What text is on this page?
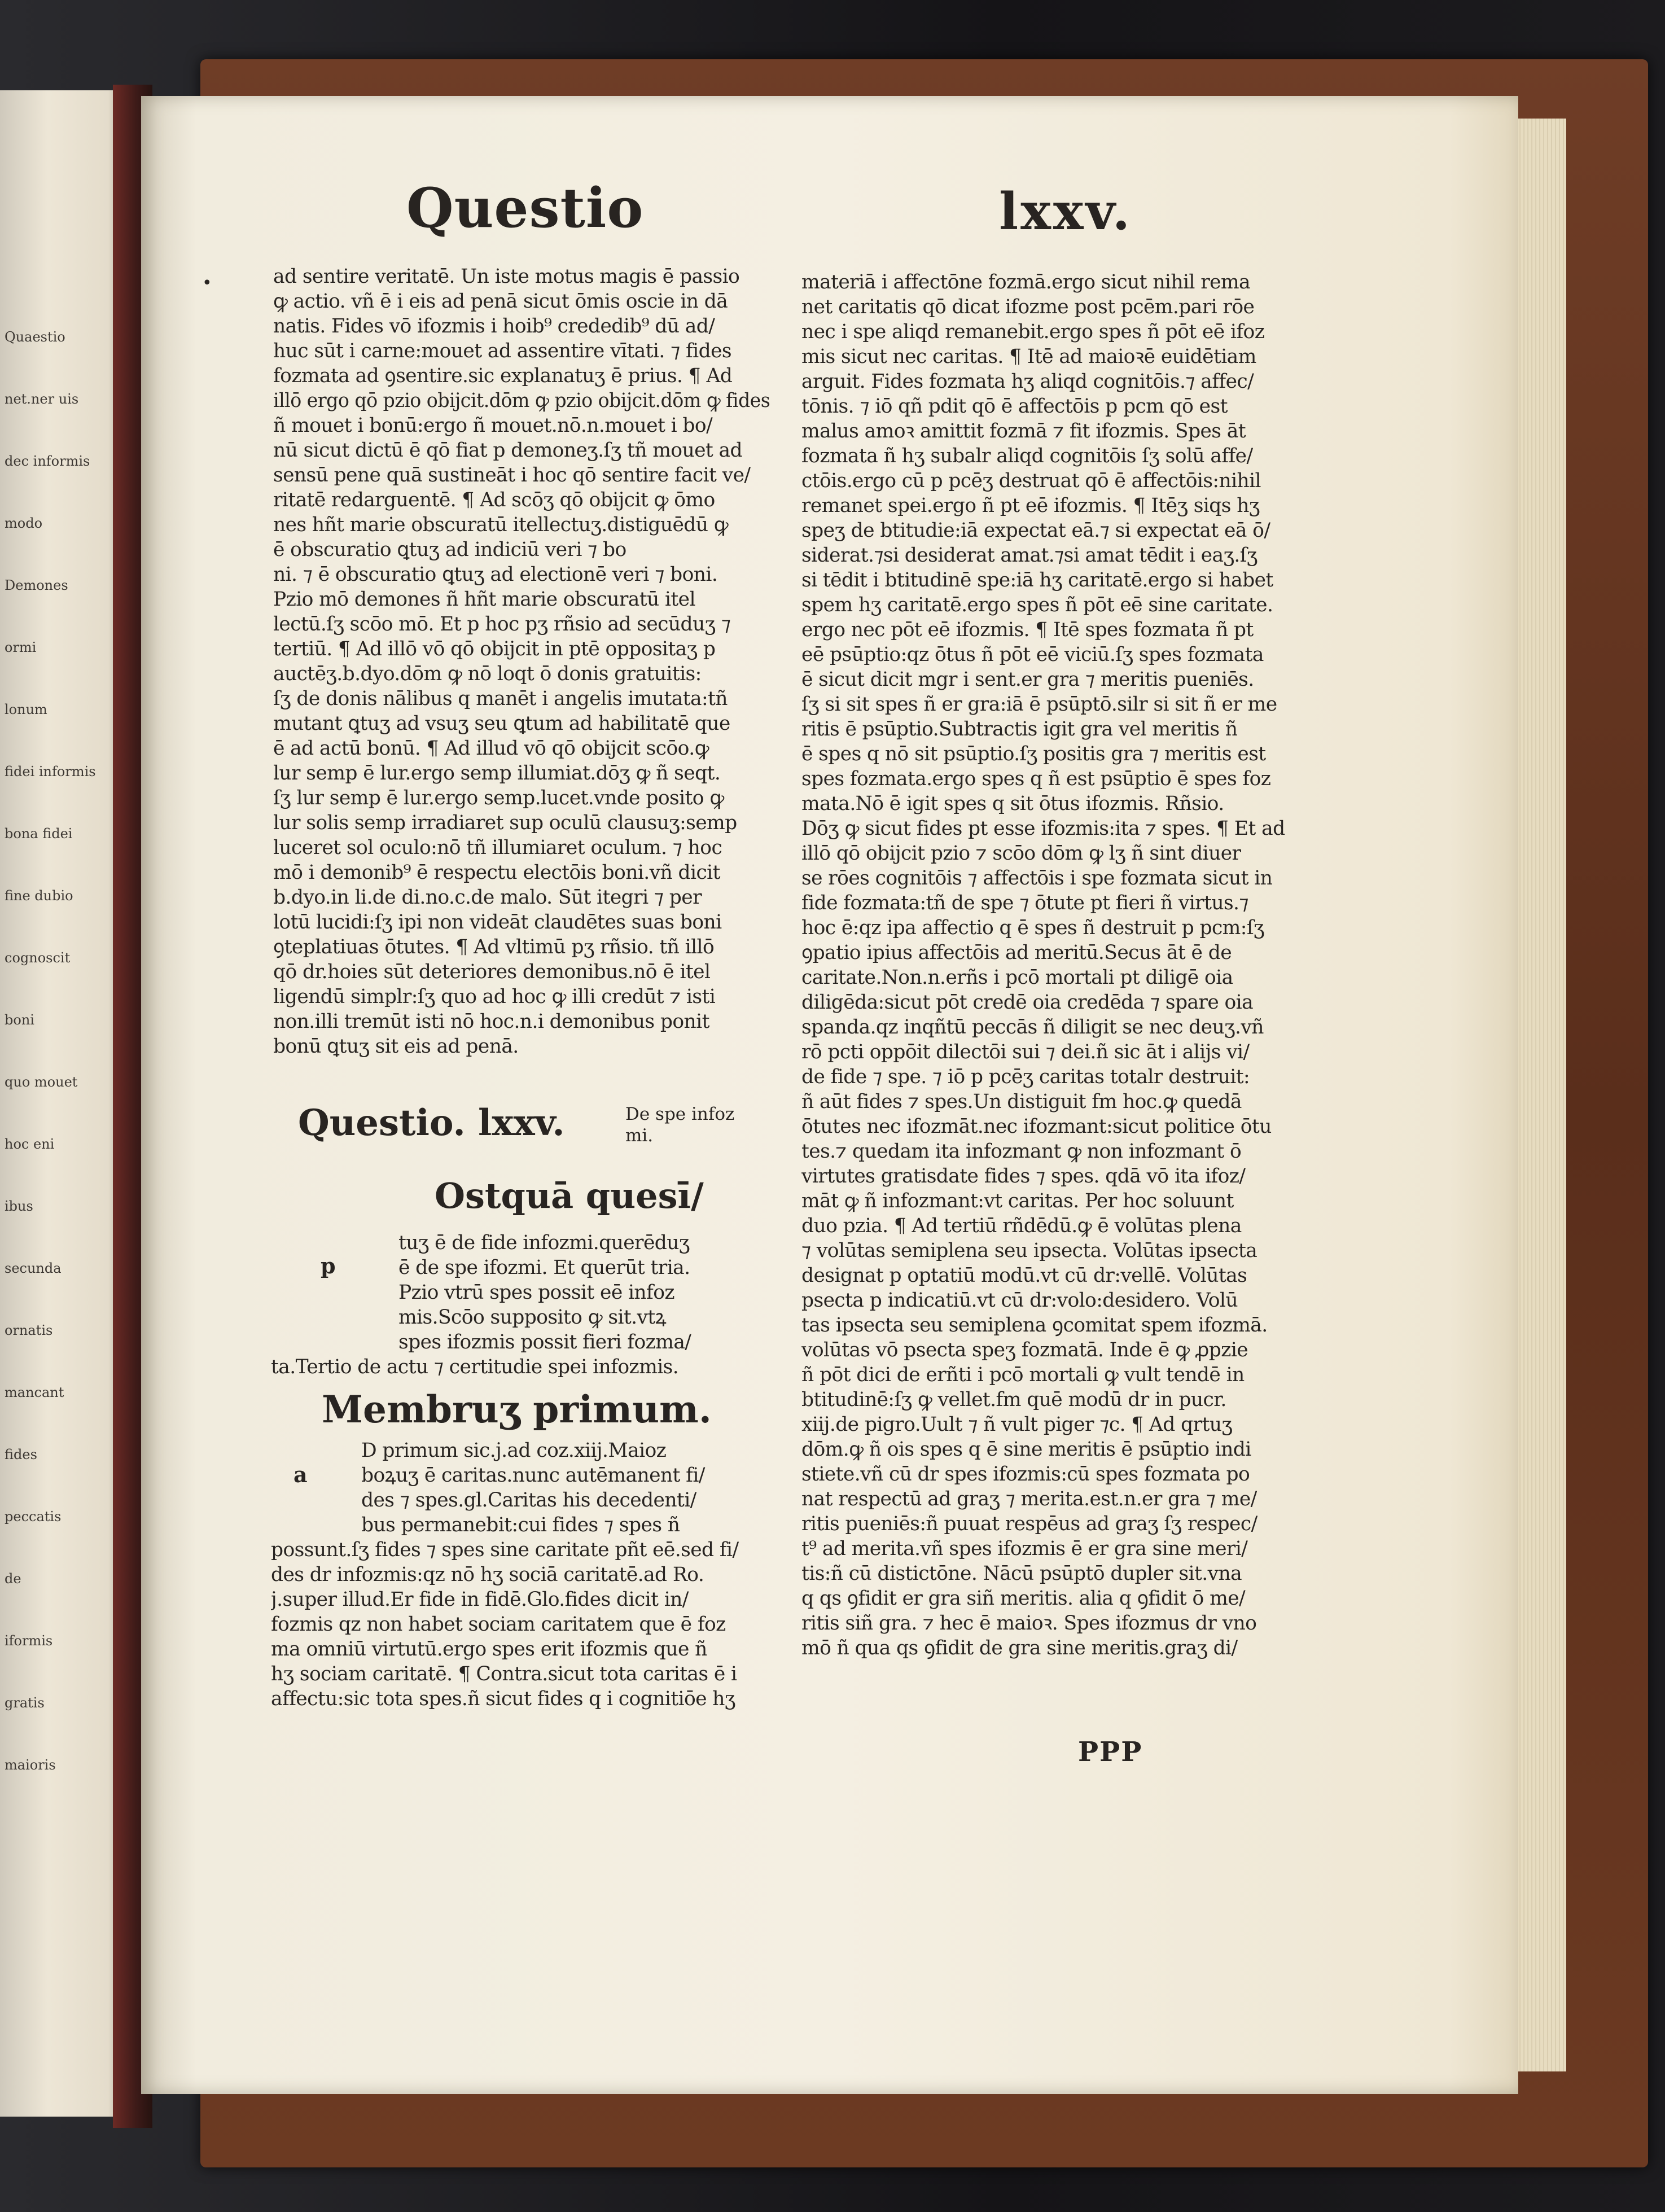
Quaestio
net.ner uis
dec informis
modo
Demones
ormi
lonum
fidei informis
bona fidei
fine dubio
cognoscit
boni
quo mouet
hoc eni
ibus
secunda
ornatis
mancant
fides
peccatis
de
iformis
gratis
maioris
Questio	lxxv.
•	ad sentire veritatē. Un iste motus magis ē passio
ꝙ actio. vñ ē i eis ad penā sicut ōmis oscie in dā
natis. Fides vō ifozmis i hoib⁹ crededib⁹ dū ad/
huc sūt i carne:mouet ad assentire vītati. ⁊ fides
fozmata ad ꝯsentire.sic explanatuʒ ē prius. ¶ Ad
illō ergo qō pzio obijcit.dōm ꝙ pzio obijcit.dōm ꝙ fides
ñ mouet i bonū:ergo ñ mouet.nō.n.mouet i bo/
nū sicut dictū ē qō fiat p demoneʒ.ſʒ tñ mouet ad
sensū pene quā sustineāt i hoc qō sentire facit ve/
ritatē redarguentē. ¶ Ad scōʒ qō obijcit ꝙ ōmo
nes hñt marie obscuratū itellectuʒ.distiguēdū ꝙ
ē obscuratio ꝗtuʒ ad indiciū veri ⁊ bo
ni. ⁊ ē obscuratio ꝗtuʒ ad electionē veri ⁊ boni.
Pzio mō demones ñ hñt marie obscuratū itel
lectū.ſʒ scōo mō. Et p hoc pʒ rñsio ad secūduʒ ⁊
tertiū. ¶ Ad illō vō qō obijcit in ptē oppositaʒ p
auctēʒ.b.dyo.dōm ꝙ nō loqt ō donis gratuitis:
ſʒ de donis nālibus q manēt i angelis imutata:tñ
mutant ꝗtuʒ ad vsuʒ seu ꝗtum ad habilitatē que
ē ad actū bonū. ¶ Ad illud vō qō obijcit scōo.ꝙ
lur semp ē lur.ergo semp illumiat.dōʒ ꝙ ñ seqt.
ſʒ lur semp ē lur.ergo semp.lucet.vnde posito ꝙ
lur solis semp irradiaret sup oculū clausuʒ:semp
luceret sol oculo:nō tñ illumiaret oculum. ⁊ hoc
mō i demonib⁹ ē respectu electōis boni.vñ dicit
b.dyo.in li.de di.no.c.de malo. Sūt itegri ⁊ per
lotū lucidi:ſʒ ipi non videāt claudētes suas boni
ꝯteplatiuas ōtutes. ¶ Ad vltimū pʒ rñsio. tñ illō
qō dr.hoies sūt deteriores demonibus.nō ē itel
ligendū simplr:ſʒ quo ad hoc ꝙ illi credūt ⁊ isti
non.illi tremūt isti nō hoc.n.i demonibus ponit
bonū ꝗtuʒ sit eis ad penā.
Questio. lxxv.	De spe infoz
mi.
Ostquā quesī/
p
tuʒ ē de fide infozmi.querēduʒ
ē de spe ifozmi. Et querūt tria.
Pzio vtrū spes possit eē infoz
mis.Scōo supposito ꝙ sit.vtꝝ
spes ifozmis possit fieri fozma/
ta.Tertio de actu ⁊ certitudie spei infozmis.
Membruʒ primum.
a
D primum sic.j.ad coz.xiij.Maioz
boꝝuʒ ē caritas.nunc autēmanent fi/
des ⁊ spes.gl.Caritas his decedenti/
bus permanebit:cui fides ⁊ spes ñ
possunt.ſʒ fides ⁊ spes sine caritate pñt eē.sed fi/
des dr infozmis:qz nō hʒ sociā caritatē.ad Ro.
j.super illud.Er fide in fidē.Glo.fides dicit in/
fozmis qz non habet sociam caritatem que ē foz
ma omniū virtutū.ergo spes erit ifozmis que ñ
hʒ sociam caritatē. ¶ Contra.sicut tota caritas ē i
affectu:sic tota spes.ñ sicut fides q i cognitiōe hʒ
materiā i affectōne fozmā.ergo sicut nihil rema
net caritatis qō dicat ifozme post pcēm.pari rōe
nec i spe aliqd remanebit.ergo spes ñ pōt eē ifoz
mis sicut nec caritas. ¶ Itē ad maioꝛē euidētiam
arguit. Fides fozmata hʒ aliqd cognitōis.⁊ affec/
tōnis. ⁊ iō qñ pdit qō ē affectōis p pcm qō est
malus amoꝛ amittit fozmā ⁊ fit ifozmis. Spes āt
fozmata ñ hʒ subalr aliqd cognitōis ſʒ solū affe/
ctōis.ergo cū p pcēʒ destruat qō ē affectōis:nihil
remanet spei.ergo ñ pt eē ifozmis. ¶ Itēʒ siqs hʒ
speʒ de btitudie:iā expectat eā.⁊ si expectat eā ō/
siderat.⁊si desiderat amat.⁊si amat tēdit i eaʒ.ſʒ
si tēdit i btitudinē spe:iā hʒ caritatē.ergo si habet
spem hʒ caritatē.ergo spes ñ pōt eē sine caritate.
ergo nec pōt eē ifozmis. ¶ Itē spes fozmata ñ pt
eē psūptio:qz ōtus ñ pōt eē viciū.ſʒ spes fozmata
ē sicut dicit mgr i sent.er gra ⁊ meritis pueniēs.
ſʒ si sit spes ñ er gra:iā ē psūptō.silr si sit ñ er me
ritis ē psūptio.Subtractis igit gra vel meritis ñ
ē spes q nō sit psūptio.ſʒ positis gra ⁊ meritis est
spes fozmata.ergo spes q ñ est psūptio ē spes foz
mata.Nō ē igit spes q sit ōtus ifozmis. Rñsio.
Dōʒ ꝙ sicut fides pt esse ifozmis:ita ⁊ spes. ¶ Et ad
illō qō obijcit pzio ⁊ scōo dōm ꝙ lʒ ñ sint diuer
se rōes cognitōis ⁊ affectōis i spe fozmata sicut in
fide fozmata:tñ de spe ⁊ ōtute pt fieri ñ virtus.⁊
hoc ē:qz ipa affectio q ē spes ñ destruit p pcm:ſʒ
ꝯpatio ipius affectōis ad meritū.Secus āt ē de
caritate.Non.n.erñs i pcō mortali pt diligē oia
diligēda:sicut pōt credē oia credēda ⁊ spare oia
spanda.qz inqñtū peccās ñ diligit se nec deuʒ.vñ
rō pcti oppōit dilectōi sui ⁊ dei.ñ sic āt i alijs vi/
de fide ⁊ spe. ⁊ iō p pcēʒ caritas totalr destruit:
ñ aūt fides ⁊ spes.Un distiguit fm hoc.ꝙ quedā
ōtutes nec ifozmāt.nec ifozmant:sicut politice ōtu
tes.⁊ quedam ita infozmant ꝙ non infozmant ō
virtutes gratisdate fides ⁊ spes. qdā vō ita ifoz/
māt ꝙ ñ infozmant:vt caritas. Per hoc soluunt
duo pzia. ¶ Ad tertiū rñdēdū.ꝙ ē volūtas plena
⁊ volūtas semiplena seu ipsecta. Volūtas ipsecta
designat p optatiū modū.vt cū dr:vellē. Volūtas
psecta p indicatiū.vt cū dr:volo:desidero. Volū
tas ipsecta seu semiplena ꝯcomitat spem ifozmā.
volūtas vō psecta speʒ fozmatā. Inde ē ꝙ ꝓpzie
ñ pōt dici de erñti i pcō mortali ꝙ vult tendē in
btitudinē:ſʒ ꝙ vellet.fm quē modū dr in pucr.
xiij.de pigro.Uult ⁊ ñ vult piger ⁊c. ¶ Ad qrtuʒ
dōm.ꝙ ñ ois spes q ē sine meritis ē psūptio indi
stiete.vñ cū dr spes ifozmis:cū spes fozmata po
nat respectū ad graʒ ⁊ merita.est.n.er gra ⁊ me/
ritis pueniēs:ñ puuat respēus ad graʒ ſʒ respec/
t⁹ ad merita.vñ spes ifozmis ē er gra sine meri/
tis:ñ cū distictōne. Nācū psūptō dupler sit.vna
q qs ꝯfidit er gra siñ meritis. alia q ꝯfidit ō me/
ritis siñ gra. ⁊ hec ē maioꝛ. Spes ifozmus dr vno
mō ñ qua qs ꝯfidit de gra sine meritis.graʒ di/
PPP
